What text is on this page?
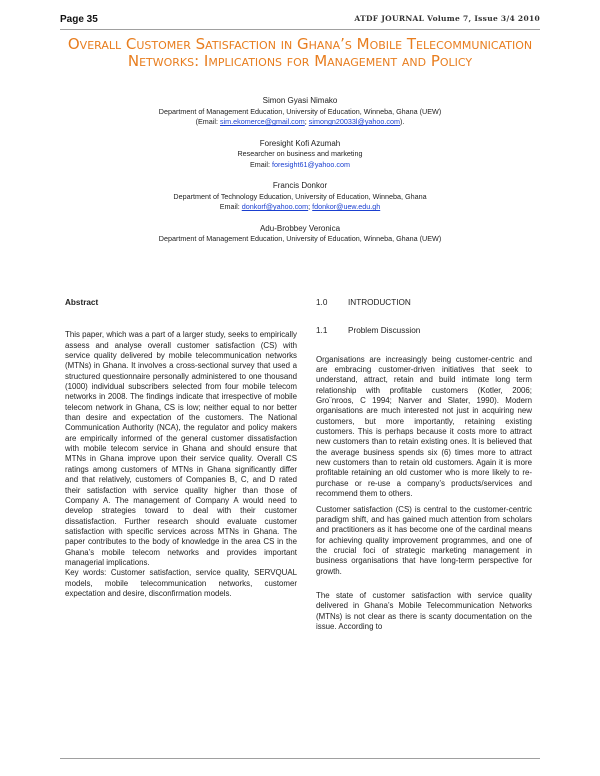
Page 35	ATDF JOURNAL Volume 7, Issue 3/4 2010
Overall Customer Satisfaction in Ghana’s Mobile Telecommunication Networks: Implications for Management and Policy
Simon Gyasi Nimako
Department of Management Education, University of Education, Winneba, Ghana (UEW)
(Email: sim.ekomerce@gmail.com; simongn20033l@yahoo.com).
Foresight Kofi Azumah
Researcher on business and marketing
Email: foresight61@yahoo.com
Francis Donkor
Department of Technology Education, University of Education, Winneba, Ghana
Email: donkorf@yahoo.com; fdonkor@uew.edu.gh
Adu-Brobbey Veronica
Department of Management Education, University of Education, Winneba, Ghana (UEW)
Abstract

This paper, which was a part of a larger study, seeks to empirically assess and analyse overall customer satisfaction (CS) with service quality delivered by mobile telecommunication networks (MTNs) in Ghana. It involves a cross-sectional survey that used a structured questionnaire personally administered to one thousand (1000) individual subscribers selected from four mobile telecom networks in 2008. The findings indicate that irrespective of mobile telecom network in Ghana, CS is low; neither equal to nor better than desire and expectation of the customers. The National Communication Authority (NCA), the regulator and policy makers are empirically informed of the general customer dissatisfaction with mobile telecom service in Ghana and should ensure that MTNs in Ghana improve upon their service quality. Overall CS ratings among customers of MTNs in Ghana significantly differ and that relatively, customers of Companies B, C, and D rated their satisfaction with service quality higher than those of Company A. The management of Company A would need to develop strategies toward to deal with their customer dissatisfaction. Further research should evaluate customer satisfaction with specific services across MTNs in Ghana. The paper contributes to the body of knowledge in the area CS in the Ghana’s mobile telecom networks and provides important managerial implications.

Key words: Customer satisfaction, service quality, SERVQUAL models, mobile telecommunication networks, customer expectation and desire, disconfirmation models.

1.0	INTRODUCTION
1.1	Problem Discussion

Organisations are increasingly being customer-centric and are embracing customer-driven initiatives that seek to understand, attract, retain and build intimate long term relationship with profitable customers (Kotler, 2006; Gro¨nroos, C 1994; Narver and Slater, 1990). Modern organisations are much interested not just in acquiring new customers, but more importantly, retaining existing customers. This is perhaps because it costs more to attract new customers than to retain existing ones. It is believed that the average business spends six (6) times more to attract new customers than to retain old customers. Again it is more profitable retaining an old customer who is more likely to re-purchase or re-use a company’s products/services and recommend them to others.

Customer satisfaction (CS) is central to the customer-centric paradigm shift, and has gained much attention from scholars and practitioners as it has become one of the cardinal means for achieving quality improvement programmes, and one of the crucial foci of strategic marketing management in business organisations that have long-term perspective for growth.

The state of customer satisfaction with service quality delivered in Ghana’s Mobile Telecommunication Networks (MTNs) is not clear as there is scanty documentation on the issue. According to
